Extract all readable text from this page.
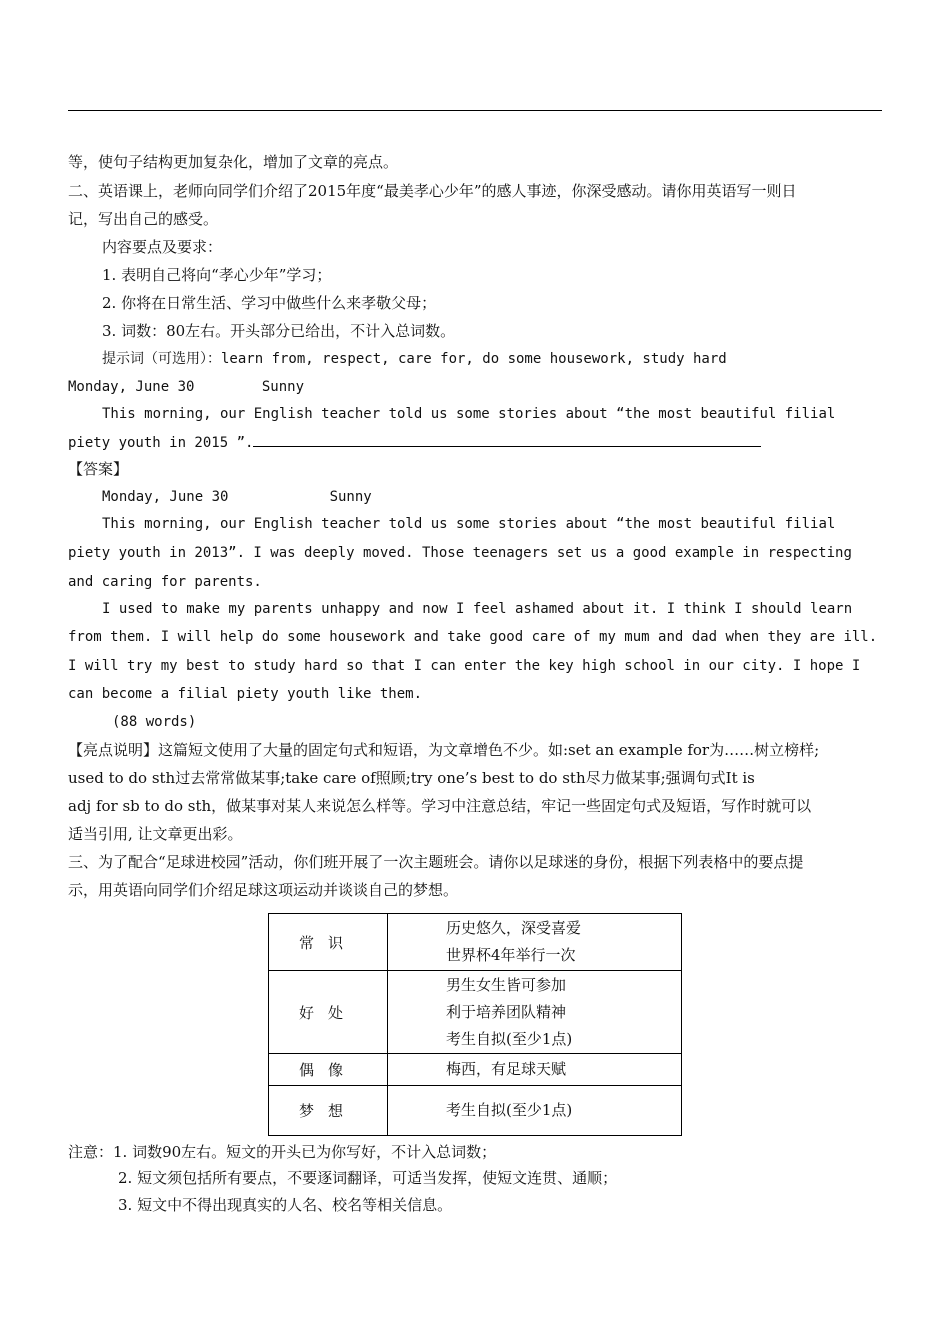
等，使句子结构更加复杂化，增加了文章的亮点。
二、英语课上，老师向同学们介绍了2015年度“最美孝心少年”的感人事迹，你深受感动。请你用英语写一则日
记，写出自己的感受。
内容要点及要求：
1. 表明自己将向“孝心少年”学习；
2. 你将在日常生活、学习中做些什么来孝敬父母；
3. 词数：80左右。开头部分已给出，不计入总词数。
提示词（可选用）：learn from, respect, care for, do some housework, study hard
Monday, June 30        Sunny
This morning, our English teacher told us some stories about “the most beautiful filial
piety youth in 2015 ”.
【答案】
Monday, June 30            Sunny
This morning, our English teacher told us some stories about “the most beautiful filial
piety youth in 2013”. I was deeply moved. Those teenagers set us a good example in respecting
and caring for parents.
I used to make my parents unhappy and now I feel ashamed about it. I think I should learn
from them. I will help do some housework and take good care of my mum and dad when they are ill.
I will try my best to study hard so that I can enter the key high school in our city. I hope I
can become a filial piety youth like them.
(88 words)
【亮点说明】这篇短文使用了大量的固定句式和短语，为文章增色不少。如:set an example for为……树立榜样;
used to do sth过去常常做某事;take care of照顾;try one’s best to do sth尽力做某事;强调句式It is
adj for sb to do sth，做某事对某人来说怎么样等。学习中注意总结，牢记一些固定句式及短语，写作时就可以
适当引用, 让文章更出彩。
三、为了配合“足球进校园”活动，你们班开展了一次主题班会。请你以足球迷的身份，根据下列表格中的要点提
示，用英语向同学们介绍足球这项运动并谈谈自己的梦想。
常识	历史悠久，深受喜爱
世界杯4年举行一次

好处	男生女生皆可参加
利于培养团队精神
考生自拟(至少1点)

偶像	梅西，有足球天赋

梦想	考生自拟(至少1点)
注意：1. 词数90左右。短文的开头已为你写好，不计入总词数；
2. 短文须包括所有要点，不要逐词翻译，可适当发挥，使短文连贯、通顺；
3. 短文中不得出现真实的人名、校名等相关信息。
